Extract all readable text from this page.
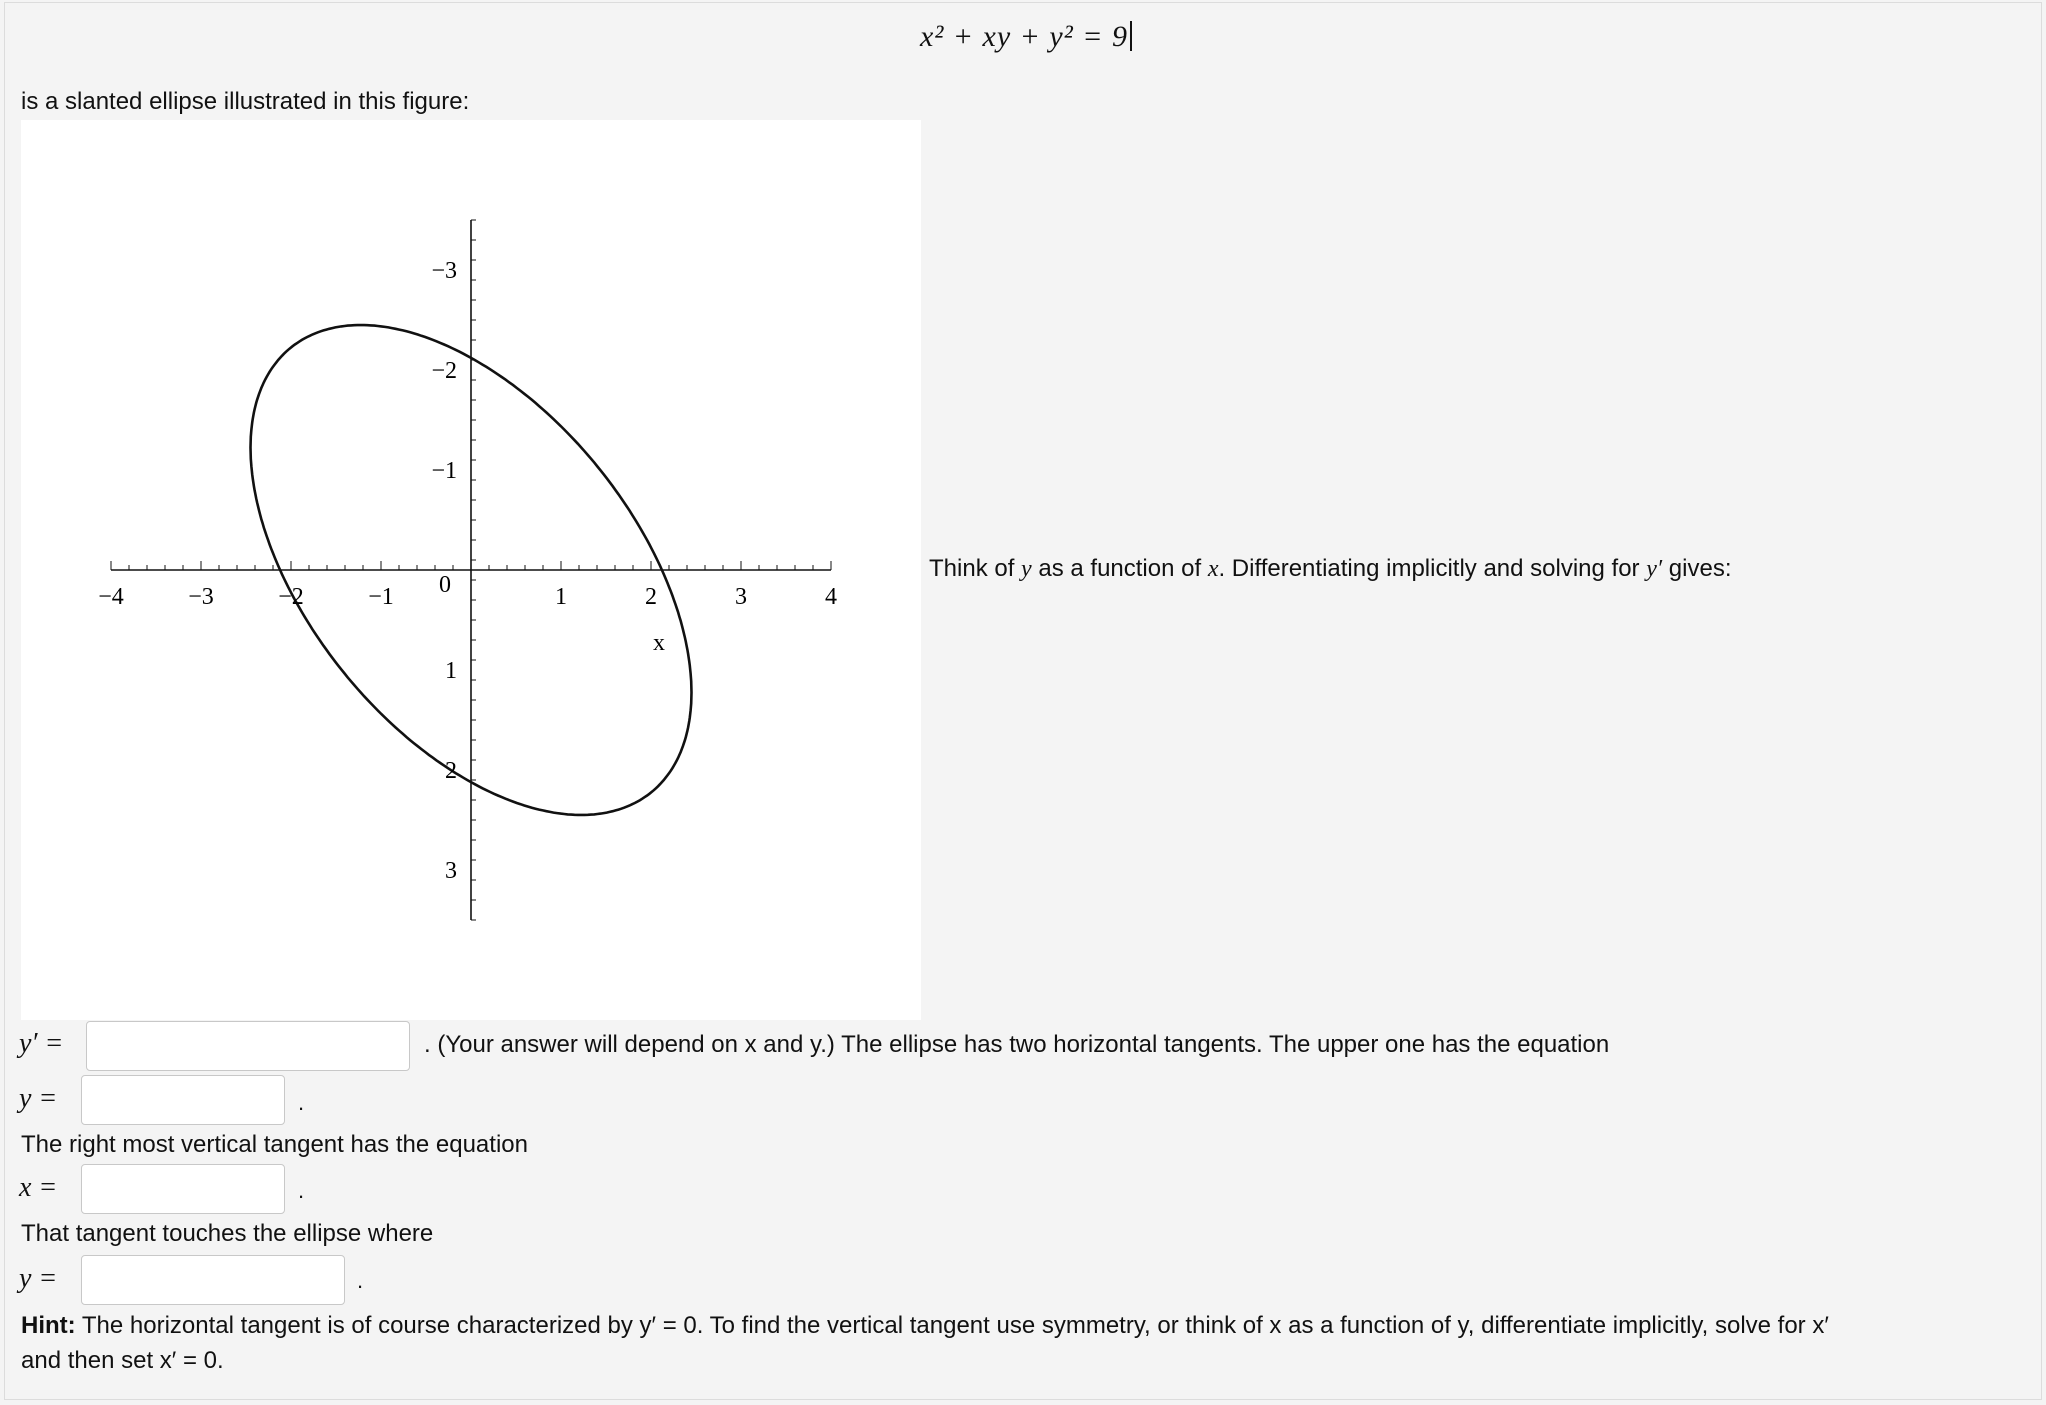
x² + xy + y² = 9
is a slanted ellipse illustrated in this figure:
−4	−3	−2	−1 0	1	2	3	4
3
2
1
−1
−2
−3
x
Think of y as a function of x. Differentiating implicitly and solving for y′ gives:
y′ =	. (Your answer will depend on x and y.) The ellipse has two horizontal tangents. The upper one has the equation
y =	.
The right most vertical tangent has the equation
x =	.
That tangent touches the ellipse where
y =	.
Hint: The horizontal tangent is of course characterized by y′ = 0. To find the vertical tangent use symmetry, or think of x as a function of y, differentiate implicitly, solve for x′
and then set x′ = 0.
